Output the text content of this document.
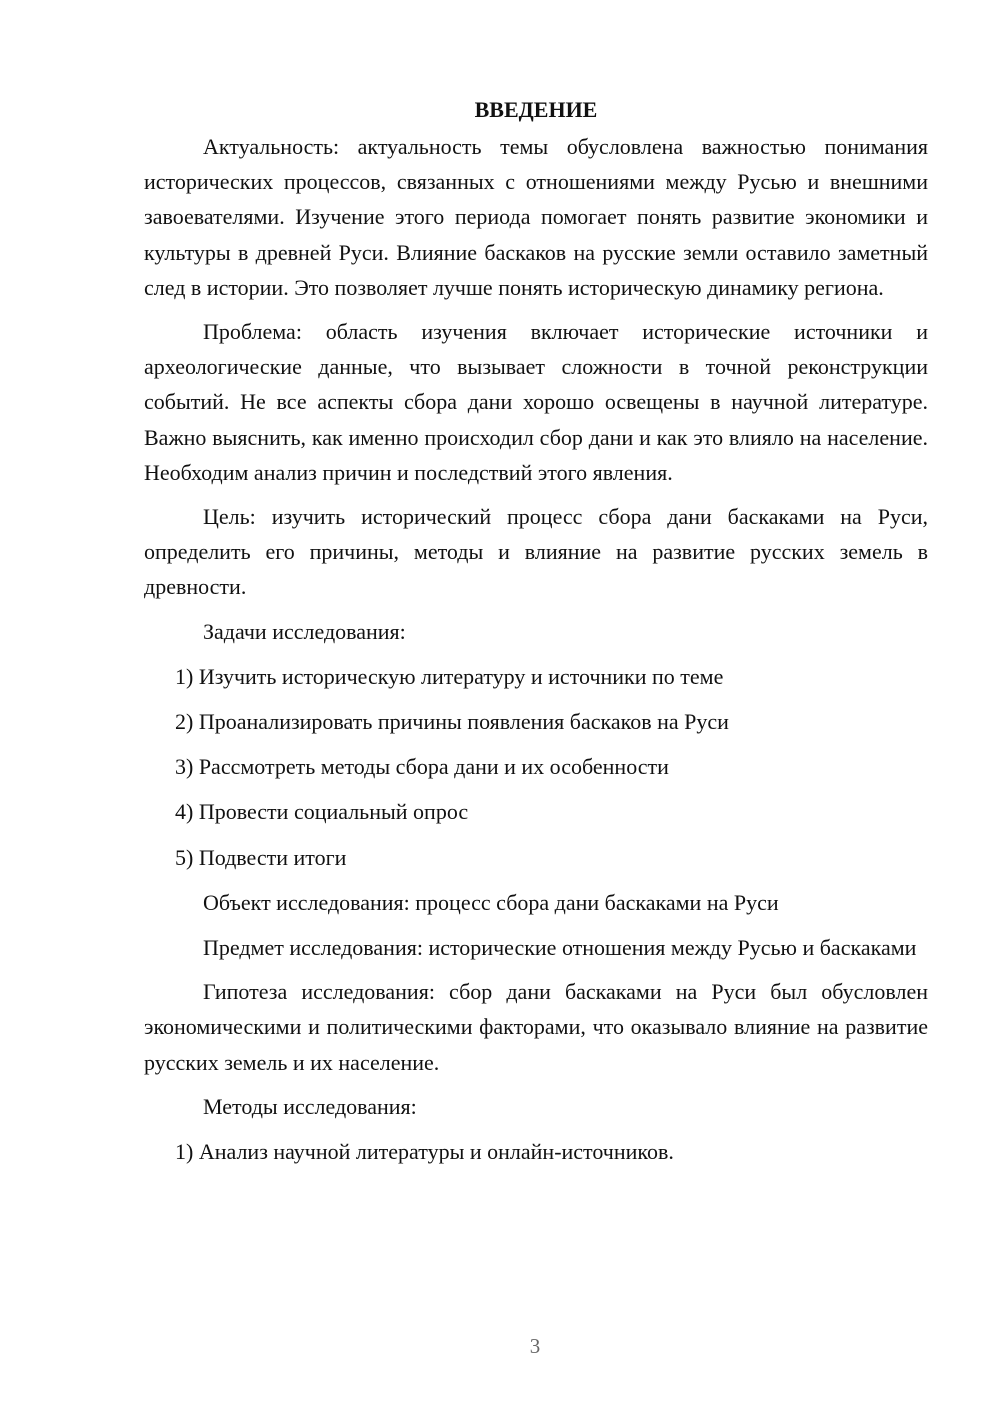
ВВЕДЕНИЕ

Актуальность: актуальность темы обусловлена важностью понимания исторических процессов, связанных с отношениями между Русью и внешними завоевателями. Изучение этого периода помогает понять развитие экономики и культуры в древней Руси. Влияние баскаков на русские земли оставило заметный след в истории. Это позволяет лучше понять историческую динамику региона.

Проблема: область изучения включает исторические источники и археологические данные, что вызывает сложности в точной реконструкции событий. Не все аспекты сбора дани хорошо освещены в научной литературе. Важно выяснить, как именно происходил сбор дани и как это влияло на население. Необходим анализ причин и последствий этого явления.

Цель: изучить исторический процесс сбора дани баскаками на Руси, определить его причины, методы и влияние на развитие русских земель в древности.

Задачи исследования:
1) Изучить историческую литературу и источники по теме
2) Проанализировать причины появления баскаков на Руси
3) Рассмотреть методы сбора дани и их особенности
4) Провести социальный опрос
5) Подвести итоги
Объект исследования: процесс сбора дани баскаками на Руси

Предмет исследования: исторические отношения между Русью и баскаками

Гипотеза исследования: сбор дани баскаками на Руси был обусловлен экономическими и политическими факторами, что оказывало влияние на развитие русских земель и их население.

Методы исследования:
1) Анализ научной литературы и онлайн-источников.
3
